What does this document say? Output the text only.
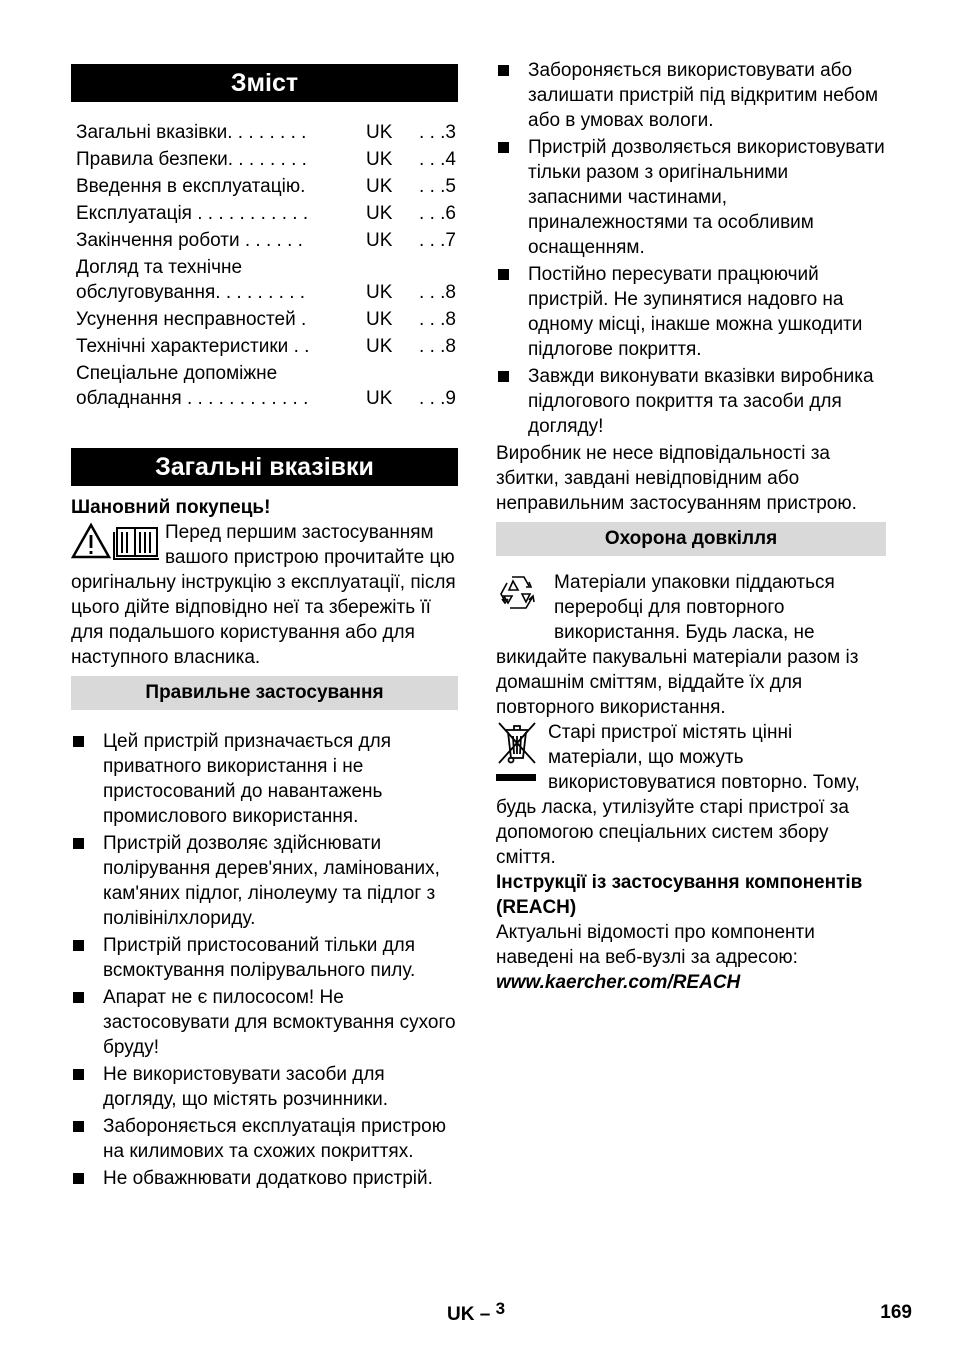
Зміст
Загальні вказівки. . . . . . . .	UK	. . .3
Правила безпеки. . . . . . . .	UK	. . .4
Введення в експлуатацію.	UK	. . .5
Експлуатація . . . . . . . . . . .	UK	. . .6
Закінчення роботи . . . . . .	UK	. . .7
Догляд та технічне обслуговування. . . . . . . . .	UK	. . .8
Усунення несправностей .	UK	. . .8
Технічні характеристики . .	UK	. . .8
Спеціальне допоміжне обладнання . . . . . . . . . . . .	UK	. . .9
Загальні вказівки

Шановний покупець!

Перед першим застосуванням вашого пристрою прочитайте цю оригінальну інструкцію з експлуатації, після цього дійте відповідно неї та збережіть її для подальшого користування або для наступного власника.
Правильне застосування
Цей пристрій призначається для приватного використання і не пристосований до навантажень промислового використання.
Пристрій дозволяє здійснювати полірування дерев'яних, ламінованих, кам'яних підлог, лінолеуму та підлог з полівінілхлориду.
Пристрій пристосований тільки для всмоктування полірувального пилу.
Апарат не є пилососом! Не застосовувати для всмоктування сухого бруду!
Не використовувати засоби для догляду, що містять розчинники.
Забороняється експлуатація пристрою на килимових та схожих покриттях.
Не обважнювати додатково пристрій.
Забороняється використовувати або залишати пристрій під відкритим небом або в умовах вологи.
Пристрій дозволяється використовувати тільки разом з оригінальними запасними частинами, приналежностями та особливим оснащенням.
Постійно пересувати працюючий пристрій. Не зупинятися надовго на одному місці, інакше можна ушкодити підлогове покриття.
Завжди виконувати вказівки виробника підлогового покриття та засоби для догляду!

Виробник не несе відповідальності за збитки, завдані невідповідним або неправильним застосуванням пристрою.

Охорона довкілля
Матеріали упаковки піддаються переробці для повторного використання. Будь ласка, не викидайте пакувальні матеріали разом із домашнім сміттям, віддайте їх для повторного використання.
Старі пристрої містять цінні матеріали, що можуть використовуватися повторно. Тому, будь ласка, утилізуйте старі пристрої за допомогою спеціальних систем збору сміття.

Інструкції із застосування компонентів (REACH)

Актуальні відомості про компоненти наведені на веб-вузлі за адресою:

www.kaercher.com/REACH

UK – $^3$	169
